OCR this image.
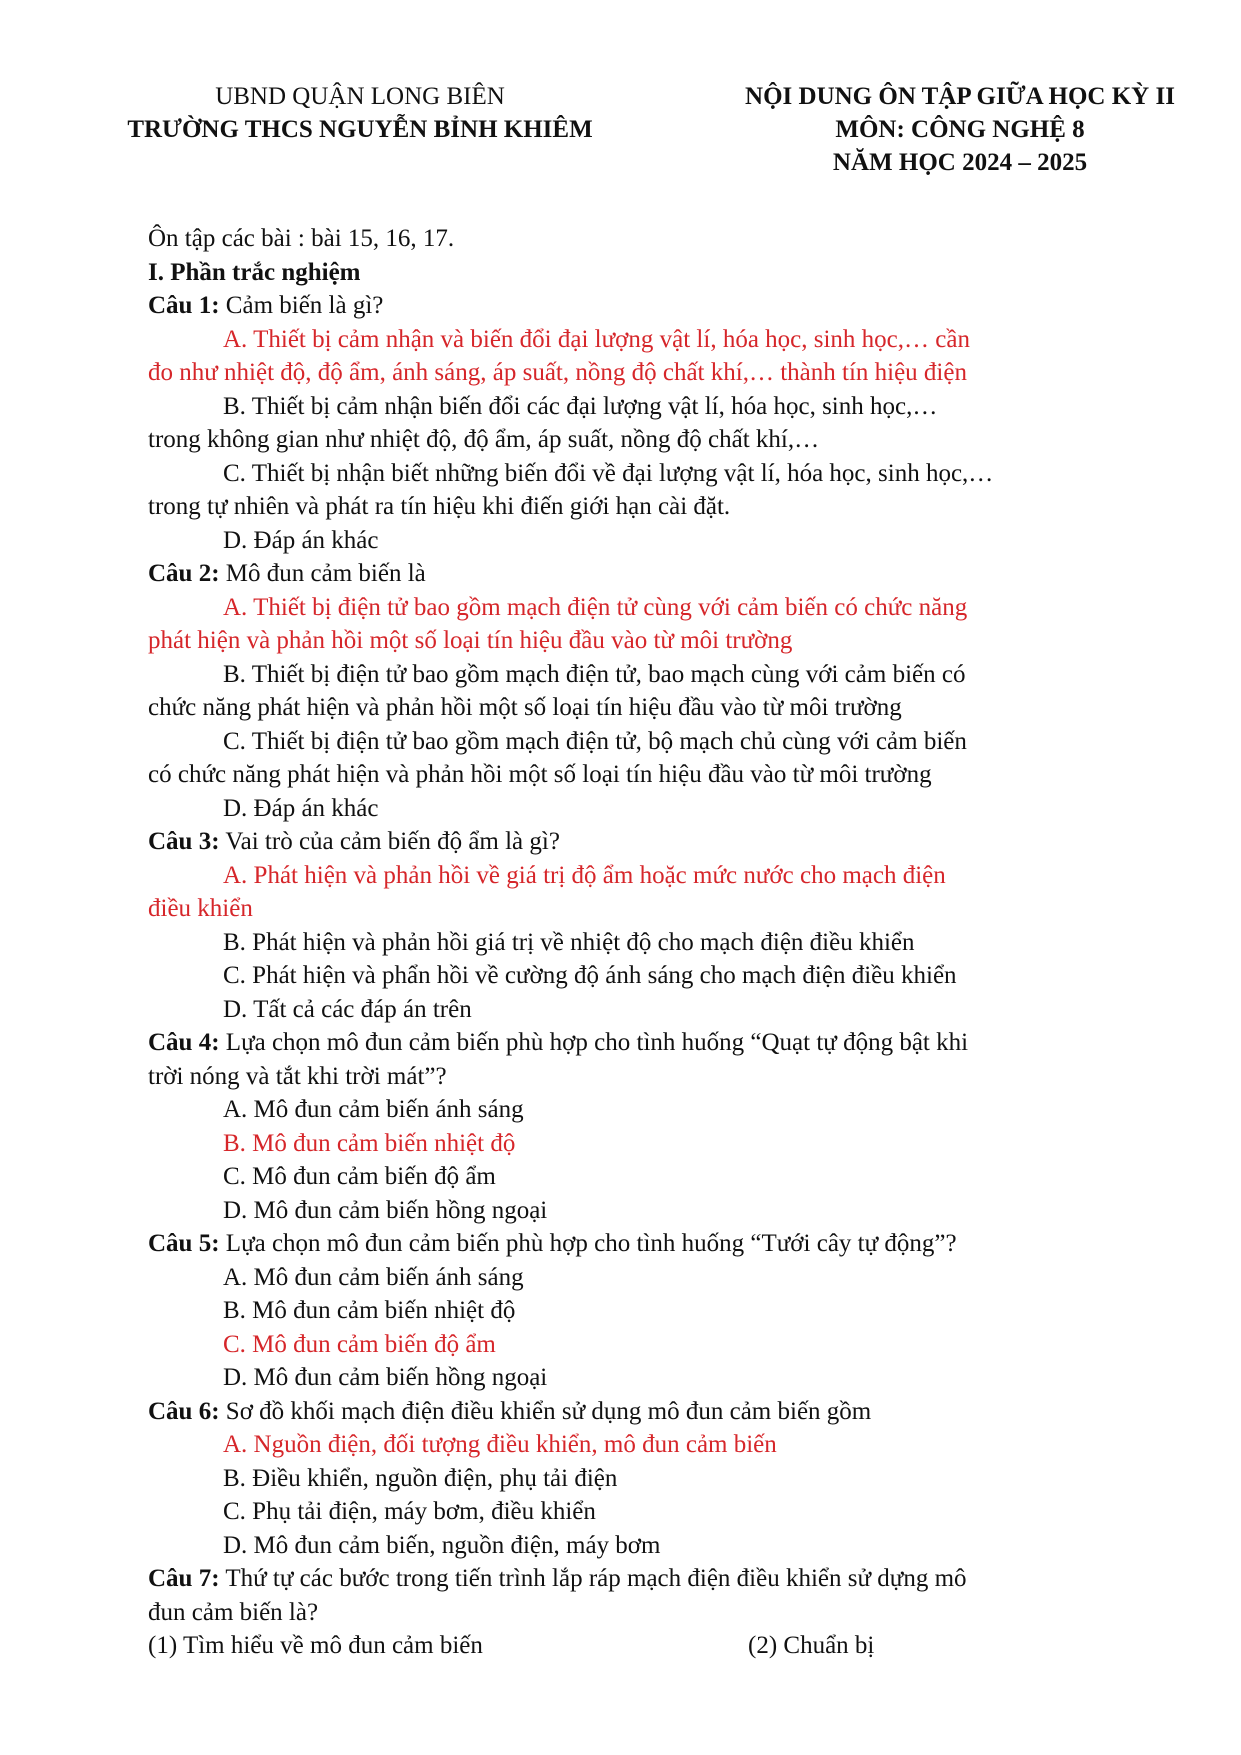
UBND QUẬN LONG BIÊN
TRƯỜNG THCS NGUYỄN BỈNH KHIÊM
NỘI DUNG ÔN TẬP GIỮA HỌC KỲ II
MÔN: CÔNG NGHỆ 8
NĂM HỌC 2024 – 2025
Ôn tập các bài : bài 15, 16, 17.
I. Phần trắc nghiệm
Câu 1: Cảm biến là gì?
A. Thiết bị cảm nhận và biến đổi đại lượng vật lí, hóa học, sinh học,… cần
đo như nhiệt độ, độ ẩm, ánh sáng, áp suất, nồng độ chất khí,… thành tín hiệu điện
B. Thiết bị cảm nhận biến đổi các đại lượng vật lí, hóa học, sinh học,…
trong không gian như nhiệt độ, độ ẩm, áp suất, nồng độ chất khí,…
C. Thiết bị nhận biết những biến đổi về đại lượng vật lí, hóa học, sinh học,…
trong tự nhiên và phát ra tín hiệu khi điến giới hạn cài đặt.
D. Đáp án khác
Câu 2: Mô đun cảm biến là
A. Thiết bị điện tử bao gồm mạch điện tử cùng với cảm biến có chức năng
phát hiện và phản hồi một số loại tín hiệu đầu vào từ môi trường
B. Thiết bị điện tử bao gồm mạch điện tử, bao mạch cùng với cảm biến có
chức năng phát hiện và phản hồi một số loại tín hiệu đầu vào từ môi trường
C. Thiết bị điện tử bao gồm mạch điện tử, bộ mạch chủ cùng với cảm biến
có chức năng phát hiện và phản hồi một số loại tín hiệu đầu vào từ môi trường
D. Đáp án khác
Câu 3: Vai trò của cảm biến độ ẩm là gì?
A. Phát hiện và phản hồi về giá trị độ ẩm hoặc mức nước cho mạch điện
điều khiển
B. Phát hiện và phản hồi giá trị về nhiệt độ cho mạch điện điều khiển
C. Phát hiện và phẩn hồi về cường độ ánh sáng cho mạch điện điều khiển
D. Tất cả các đáp án trên
Câu 4: Lựa chọn mô đun cảm biến phù hợp cho tình huống “Quạt tự động bật khi
trời nóng và tắt khi trời mát”?
A. Mô đun cảm biến ánh sáng
B. Mô đun cảm biến nhiệt độ
C. Mô đun cảm biến độ ẩm
D. Mô đun cảm biến hồng ngoại
Câu 5: Lựa chọn mô đun cảm biến phù hợp cho tình huống “Tưới cây tự động”?
A. Mô đun cảm biến ánh sáng
B. Mô đun cảm biến nhiệt độ
C. Mô đun cảm biến độ ẩm
D. Mô đun cảm biến hồng ngoại
Câu 6: Sơ đồ khối mạch điện điều khiển sử dụng mô đun cảm biến gồm
A. Nguồn điện, đối tượng điều khiển, mô đun cảm biến
B. Điều khiển, nguồn điện, phụ tải điện
C. Phụ tải điện, máy bơm, điều khiển
D. Mô đun cảm biến, nguồn điện, máy bơm
Câu 7: Thứ tự các bước trong tiến trình lắp ráp mạch điện điều khiển sử dựng mô
đun cảm biến là?
(1) Tìm hiểu về mô đun cảm biến	(2) Chuẩn bị
